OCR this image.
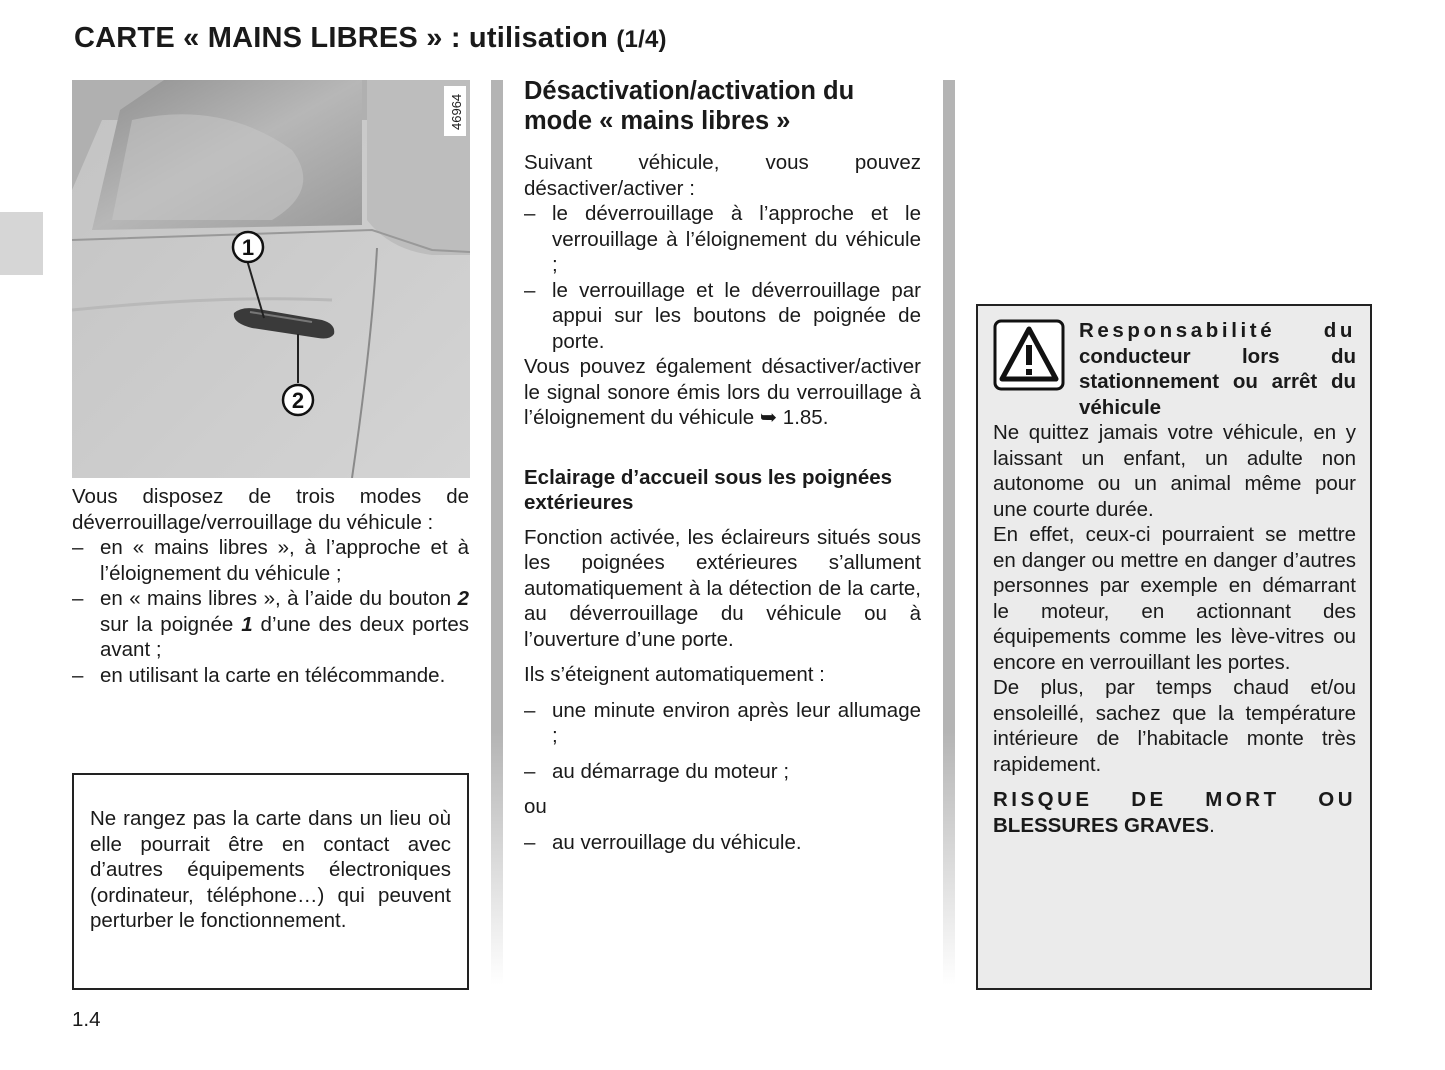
CARTE « MAINS LIBRES » : utilisation (1/4)
1
2
46964
Vous disposez de trois modes de déverrouillage/verrouillage du véhicule :
– en « mains libres », à l’approche et à l’éloignement du véhicule ;
– en « mains libres », à l’aide du bouton 2 sur la poignée 1 d’une des deux portes avant ;
– en utilisant la carte en télécommande.

Ne rangez pas la carte dans un lieu où elle pourrait être en contact avec d’autres équipements électroniques (ordinateur, téléphone…) qui peuvent perturber le fonctionnement.

1.4
Désactivation/activation du mode « mains libres »

Suivant véhicule, vous pouvez désactiver/activer :

– le déverrouillage à l’approche et le verrouillage à l’éloignement du véhicule ;
– le verrouillage et le déverrouillage par appui sur les boutons de poignée de porte.

Vous pouvez également désactiver/activer le signal sonore émis lors du verrouillage à l’éloignement du véhicule ➥ 1.85.

Eclairage d’accueil sous les poignées extérieures

Fonction activée, les éclaireurs situés sous les poignées extérieures s’allument automatiquement à la détection de la carte, au déverrouillage du véhicule ou à l’ouverture d’une porte.

Ils s’éteignent automatiquement :

– une minute environ après leur allumage ;
– au démarrage du moteur ;

ou

– au verrouillage du véhicule.
Responsabilité du conducteur lors du stationnement ou arrêt du véhicule

Ne quittez jamais votre véhicule, en y laissant un enfant, un adulte non autonome ou un animal même pour une courte durée.

En effet, ceux-ci pourraient se mettre en danger ou mettre en danger d’autres personnes par exemple en démarrant le moteur, en actionnant des équipements comme les lève-vitres ou encore en verrouillant les portes.

De plus, par temps chaud et/ou ensoleillé, sachez que la température intérieure de l’habitacle monte très rapidement.

RISQUE DE MORT OU BLESSURES GRAVES.
